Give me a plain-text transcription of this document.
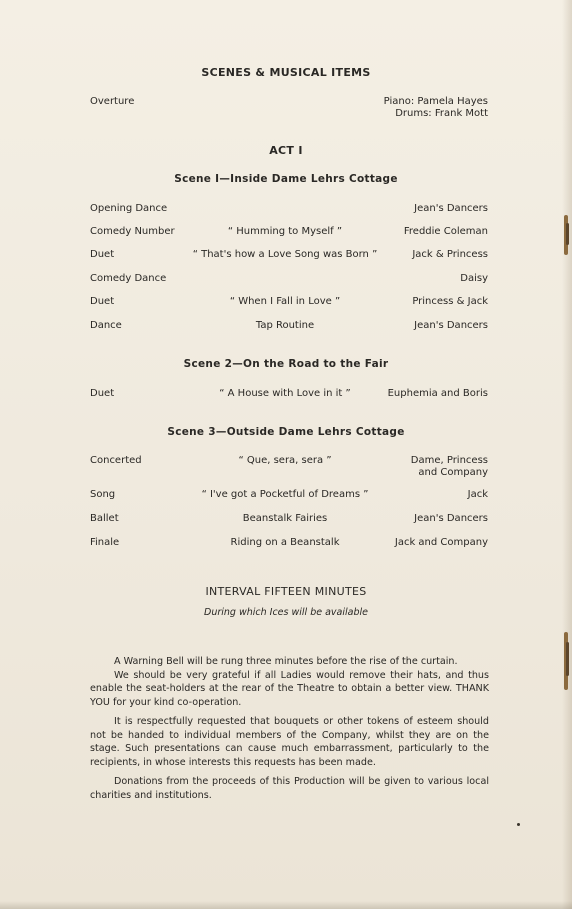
SCENES & MUSICAL ITEMS
Overture	Piano: Pamela Hayes
Drums: Frank Mott
ACT I
Scene I—Inside Dame Lehrs Cottage
Opening Dance	Jean's Dancers
Comedy Number	“ Humming to Myself ”	Freddie Coleman
Duet	“ That's how a Love Song was Born ”	Jack & Princess
Comedy Dance	Daisy
Duet	“ When I Fall in Love ”	Princess & Jack
Dance	Tap Routine	Jean's Dancers
Scene 2—On the Road to the Fair
Duet	“ A House with Love in it ”	Euphemia and Boris
Scene 3—Outside Dame Lehrs Cottage
Concerted	“ Que, sera, sera ”	Dame, Princess
and Company
Song	“ I've got a Pocketful of Dreams ”	Jack
Ballet	Beanstalk Fairies	Jean's Dancers
Finale	Riding on a Beanstalk	Jack and Company
INTERVAL FIFTEEN MINUTES
During which Ices will be available

A Warning Bell will be rung three minutes before the rise of the curtain.

We should be very grateful if all Ladies would remove their hats, and thus enable the seat-holders at the rear of the Theatre to obtain a better view. THANK YOU for your kind co-operation.

It is respectfully requested that bouquets or other tokens of esteem should not be handed to individual members of the Company, whilst they are on the stage. Such presentations can cause much embarrassment, particularly to the recipients, in whose interests this requests has been made.

Donations from the proceeds of this Production will be given to various local charities and institutions.
